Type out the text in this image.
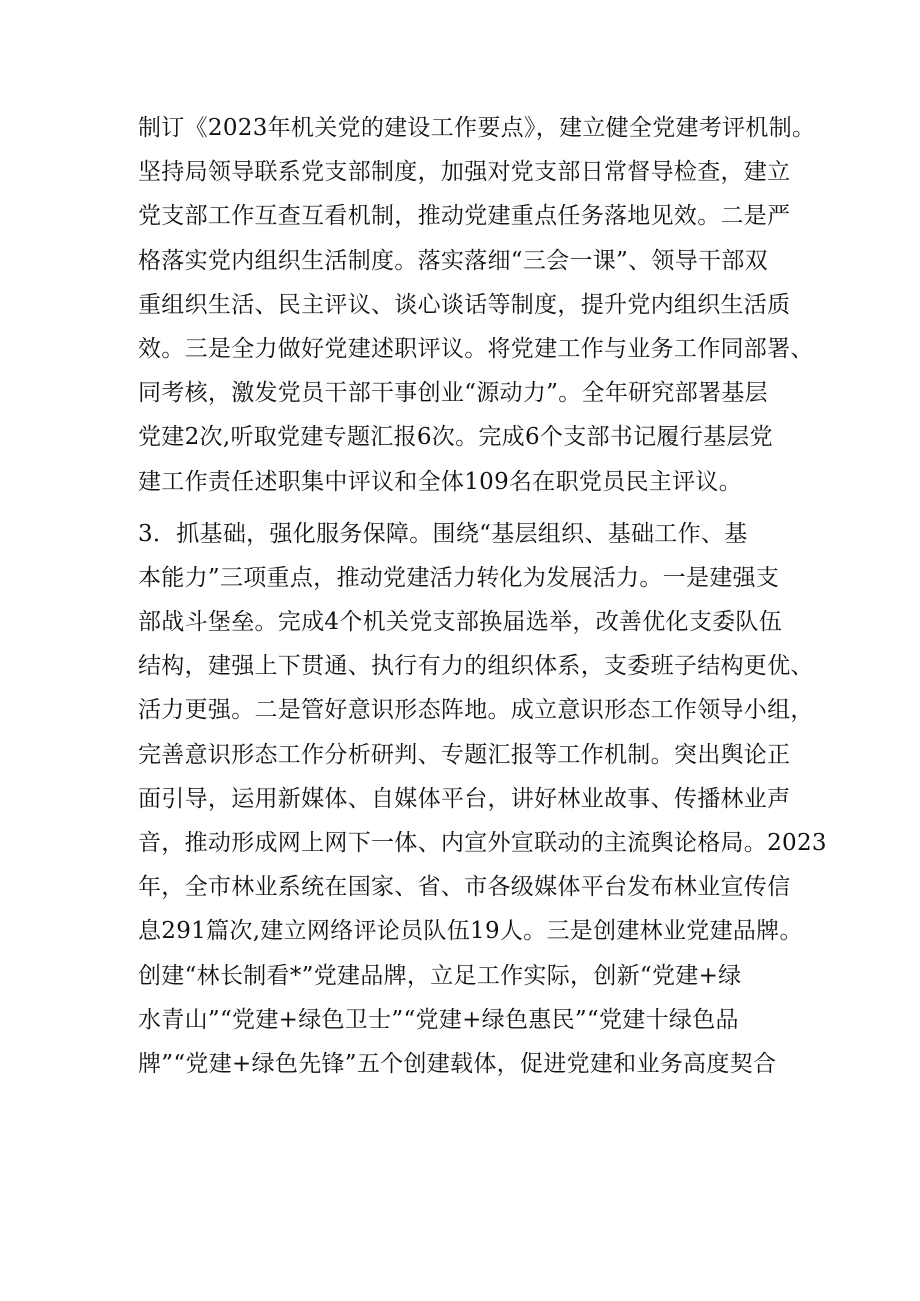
制订《2023年机关党的建设工作要点》，建立健全党建考评机制。
坚持局领导联系党支部制度，加强对党支部日常督导检查，建立
党支部工作互查互看机制，推动党建重点任务落地见效。二是严
格落实党内组织生活制度。落实落细“三会一课”、领导干部双
重组织生活、民主评议、谈心谈话等制度，提升党内组织生活质
效。三是全力做好党建述职评议。将党建工作与业务工作同部署、
同考核，激发党员干部干事创业“源动力”。全年研究部署基层
党建2次,听取党建专题汇报6次。完成6个支部书记履行基层党
建工作责任述职集中评议和全体109名在职党员民主评议。
3．抓基础，强化服务保障。围绕“基层组织、基础工作、基
本能力”三项重点，推动党建活力转化为发展活力。一是建强支
部战斗堡垒。完成4个机关党支部换届选举，改善优化支委队伍
结构，建强上下贯通、执行有力的组织体系，支委班子结构更优、
活力更强。二是管好意识形态阵地。成立意识形态工作领导小组，
完善意识形态工作分析研判、专题汇报等工作机制。突出舆论正
面引导，运用新媒体、自媒体平台，讲好林业故事、传播林业声
音，推动形成网上网下一体、内宣外宣联动的主流舆论格局。2023
年，全市林业系统在国家、省、市各级媒体平台发布林业宣传信
息291篇次,建立网络评论员队伍19人。三是创建林业党建品牌。
创建“林长制看*”党建品牌，立足工作实际，创新“党建+绿
水青山”“党建+绿色卫士”“党建+绿色惠民”“党建十绿色品
牌”“党建+绿色先锋”五个创建载体，促进党建和业务高度契合
